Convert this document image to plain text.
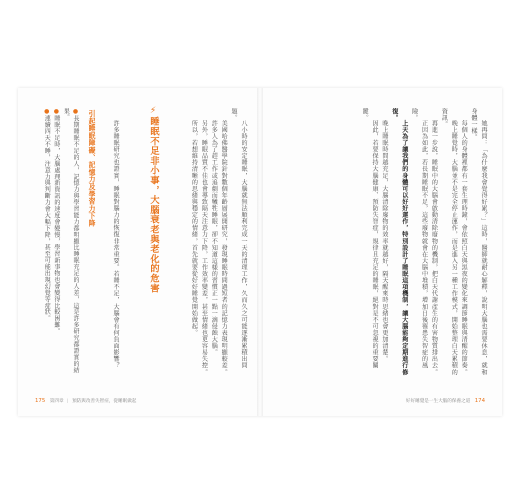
●長期睡眠不足的人，記憶力與學習能力都明顯比睡眠充足的人差，這是許多研究都證實的結果。

●睡眠不足時，大腦處理新資訊的速度會變慢，學習新事物也會變得比較困難。

●連續四天不睡，注意力與判斷力會大幅下降，甚至可能出現幻覺等症狀。	引起睡眠障礙、記憶力及學習力下降	許多睡眠研究也證實，睡眠對腦力的恢復非常重要。若睡不足，大腦會有何負面影響？

⚡睡眠不足非小事，大腦衰老與老化的危害	八小時的安定睡眠，大腦就無法順利完成一天的清理工作，久而久之可能逐漸累積出問題。

美國哈佛醫學院針對數個年齡層展開研究，發現睡眠時間過短者的記憶力表現明顯較差。

許多人為了趕工作或追劇而犧牲睡眠，卻不知道這樣的習慣正一點一滴侵蝕大腦。

另外，睡眠品質不佳也會導致隔天注意力下降，工作效率變差，甚至情緒也更容易失控。

所以，若想維持清晰的思緒與穩定的情緒，首先就要從好好睡覺開始做起。

175 第四章 | 預防與改善失智症，從睡眠做起

她再問：「為什麼我會覺得好累？」這時，醫師就耐心解釋，說明大腦也需要休息，就和身體一樣。

每個人的身體裡都有一套生理時鐘，會依照白天與黑夜的變化來調節睡眠與清醒的節奏。

晚上睡覺時，大腦並不是完全停止運作，而是進入另一種工作模式，開始整理白天累積的資訊。

再進一步說，睡眠中的大腦會啟動清除廢物的機制，把白天代謝產生的有害物質排出去。

正因為如此，若長期睡眠不足，這些廢物就會在大腦中堆積，增加日後罹患失智症的風險。

上天為了讓我們的身體可以好好運作，特別設計了睡眠這項機制，讓大腦能夠定期進行修復。

晚上睡眠時間越充足，大腦清除廢物的效率就越好，隔天醒來時思緒也會更加清楚。

因此，若要保持大腦健康、預防失智症，規律且充足的睡眠，絕對是不可忽視的重要關鍵。

好好睡覺是一生大腦的保養之道 174
